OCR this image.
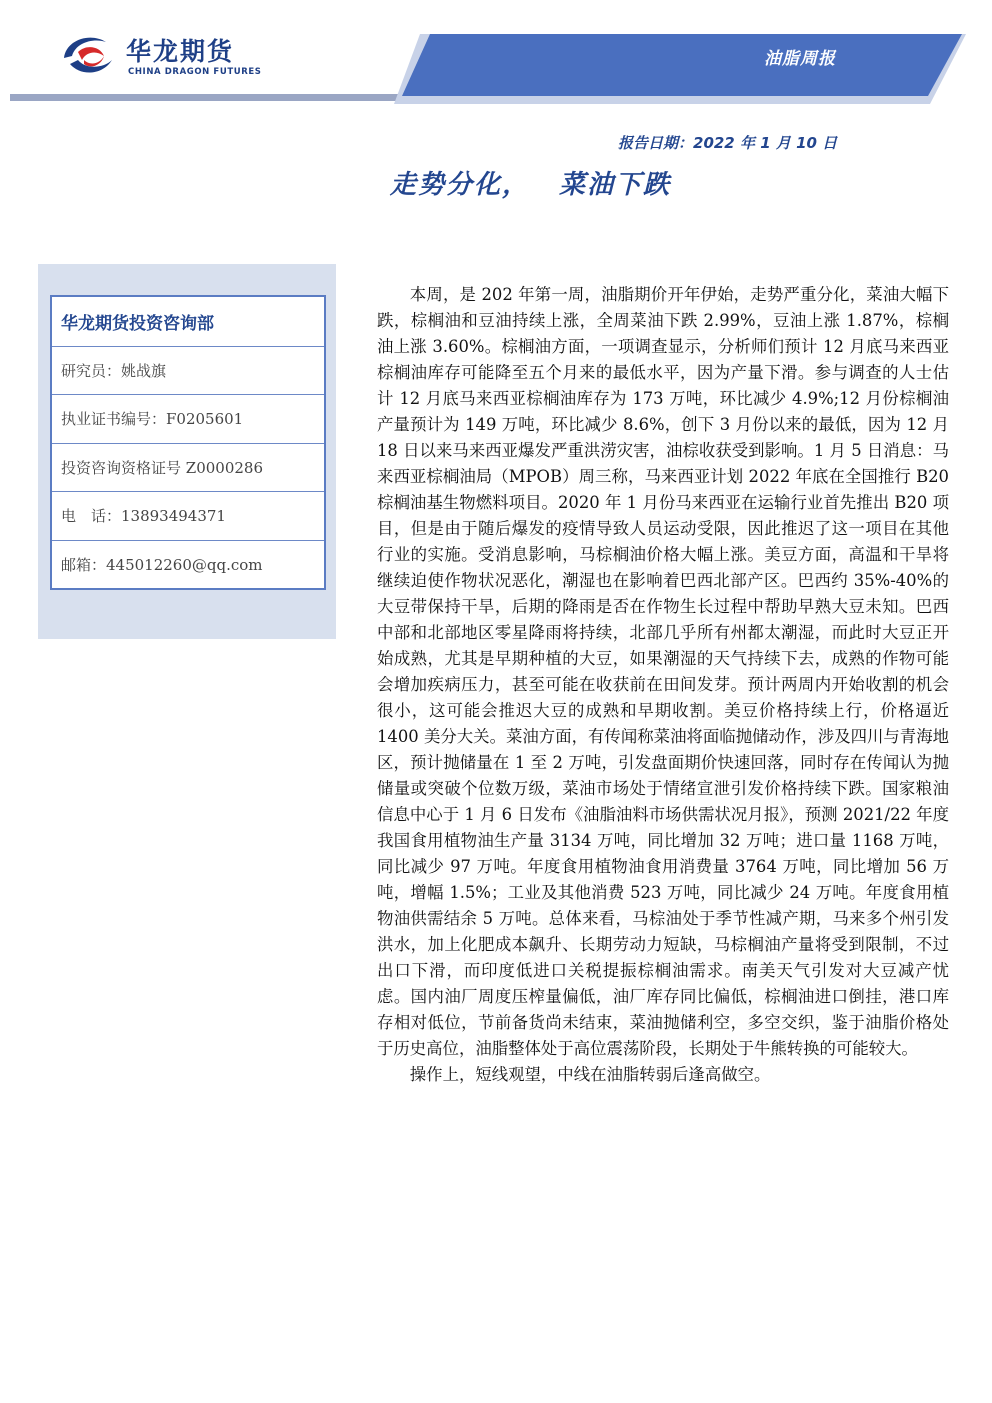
华龙期货
CHINA DRAGON FUTURES
油脂周报
报告日期：2022 年 1 月 10 日
走势分化， 菜油下跌
华龙期货投资咨询部
研究员：姚战旗
执业证书编号：F0205601
投资咨询资格证号 Z0000286
电　话：13893494371
邮箱：445012260@qq.com

本周，是 202 年第一周，油脂期价开年伊始，走势严重分化，菜油大幅下跌，棕榈油和豆油持续上涨，全周菜油下跌 2.99%，豆油上涨 1.87%，棕榈油上涨 3.60%。棕榈油方面，一项调查显示，分析师们预计 12 月底马来西亚棕榈油库存可能降至五个月来的最低水平，因为产量下滑。参与调查的人士估计 12 月底马来西亚棕榈油库存为 173 万吨，环比减少 4.9%;12 月份棕榈油产量预计为 149 万吨，环比减少 8.6%，创下 3 月份以来的最低，因为 12 月 18 日以来马来西亚爆发严重洪涝灾害，油棕收获受到影响。1 月 5 日消息：马来西亚棕榈油局（MPOB）周三称，马来西亚计划 2022 年底在全国推行 B20 棕榈油基生物燃料项目。2020 年 1 月份马来西亚在运输行业首先推出 B20 项目，但是由于随后爆发的疫情导致人员运动受限，因此推迟了这一项目在其他行业的实施。受消息影响，马棕榈油价格大幅上涨。美豆方面，高温和干旱将继续迫使作物状况恶化，潮湿也在影响着巴西北部产区。巴西约 35%-40%的大豆带保持干旱，后期的降雨是否在作物生长过程中帮助早熟大豆未知。巴西中部和北部地区零星降雨将持续，北部几乎所有州都太潮湿，而此时大豆正开始成熟，尤其是早期种植的大豆，如果潮湿的天气持续下去，成熟的作物可能会增加疾病压力，甚至可能在收获前在田间发芽。预计两周内开始收割的机会很小，这可能会推迟大豆的成熟和早期收割。美豆价格持续上行，价格逼近 1400 美分大关。菜油方面，有传闻称菜油将面临抛储动作，涉及四川与青海地区，预计抛储量在 1 至 2 万吨，引发盘面期价快速回落，同时存在传闻认为抛储量或突破个位数万级，菜油市场处于情绪宣泄引发价格持续下跌。国家粮油信息中心于 1 月 6 日发布《油脂油料市场供需状况月报》，预测 2021/22 年度我国食用植物油生产量 3134 万吨，同比增加 32 万吨；进口量 1168 万吨，同比减少 97 万吨。年度食用植物油食用消费量 3764 万吨，同比增加 56 万吨，增幅 1.5%；工业及其他消费 523 万吨，同比减少 24 万吨。年度食用植物油供需结余 5 万吨。总体来看，马棕油处于季节性减产期，马来多个州引发洪水，加上化肥成本飙升、长期劳动力短缺，马棕榈油产量将受到限制，不过出口下滑，而印度低进口关税提振棕榈油需求。南美天气引发对大豆减产忧虑。国内油厂周度压榨量偏低，油厂库存同比偏低，棕榈油进口倒挂，港口库存相对低位，节前备货尚未结束，菜油抛储利空，多空交织，鉴于油脂价格处于历史高位，油脂整体处于高位震荡阶段，长期处于牛熊转换的可能较大。

操作上，短线观望，中线在油脂转弱后逢高做空。
